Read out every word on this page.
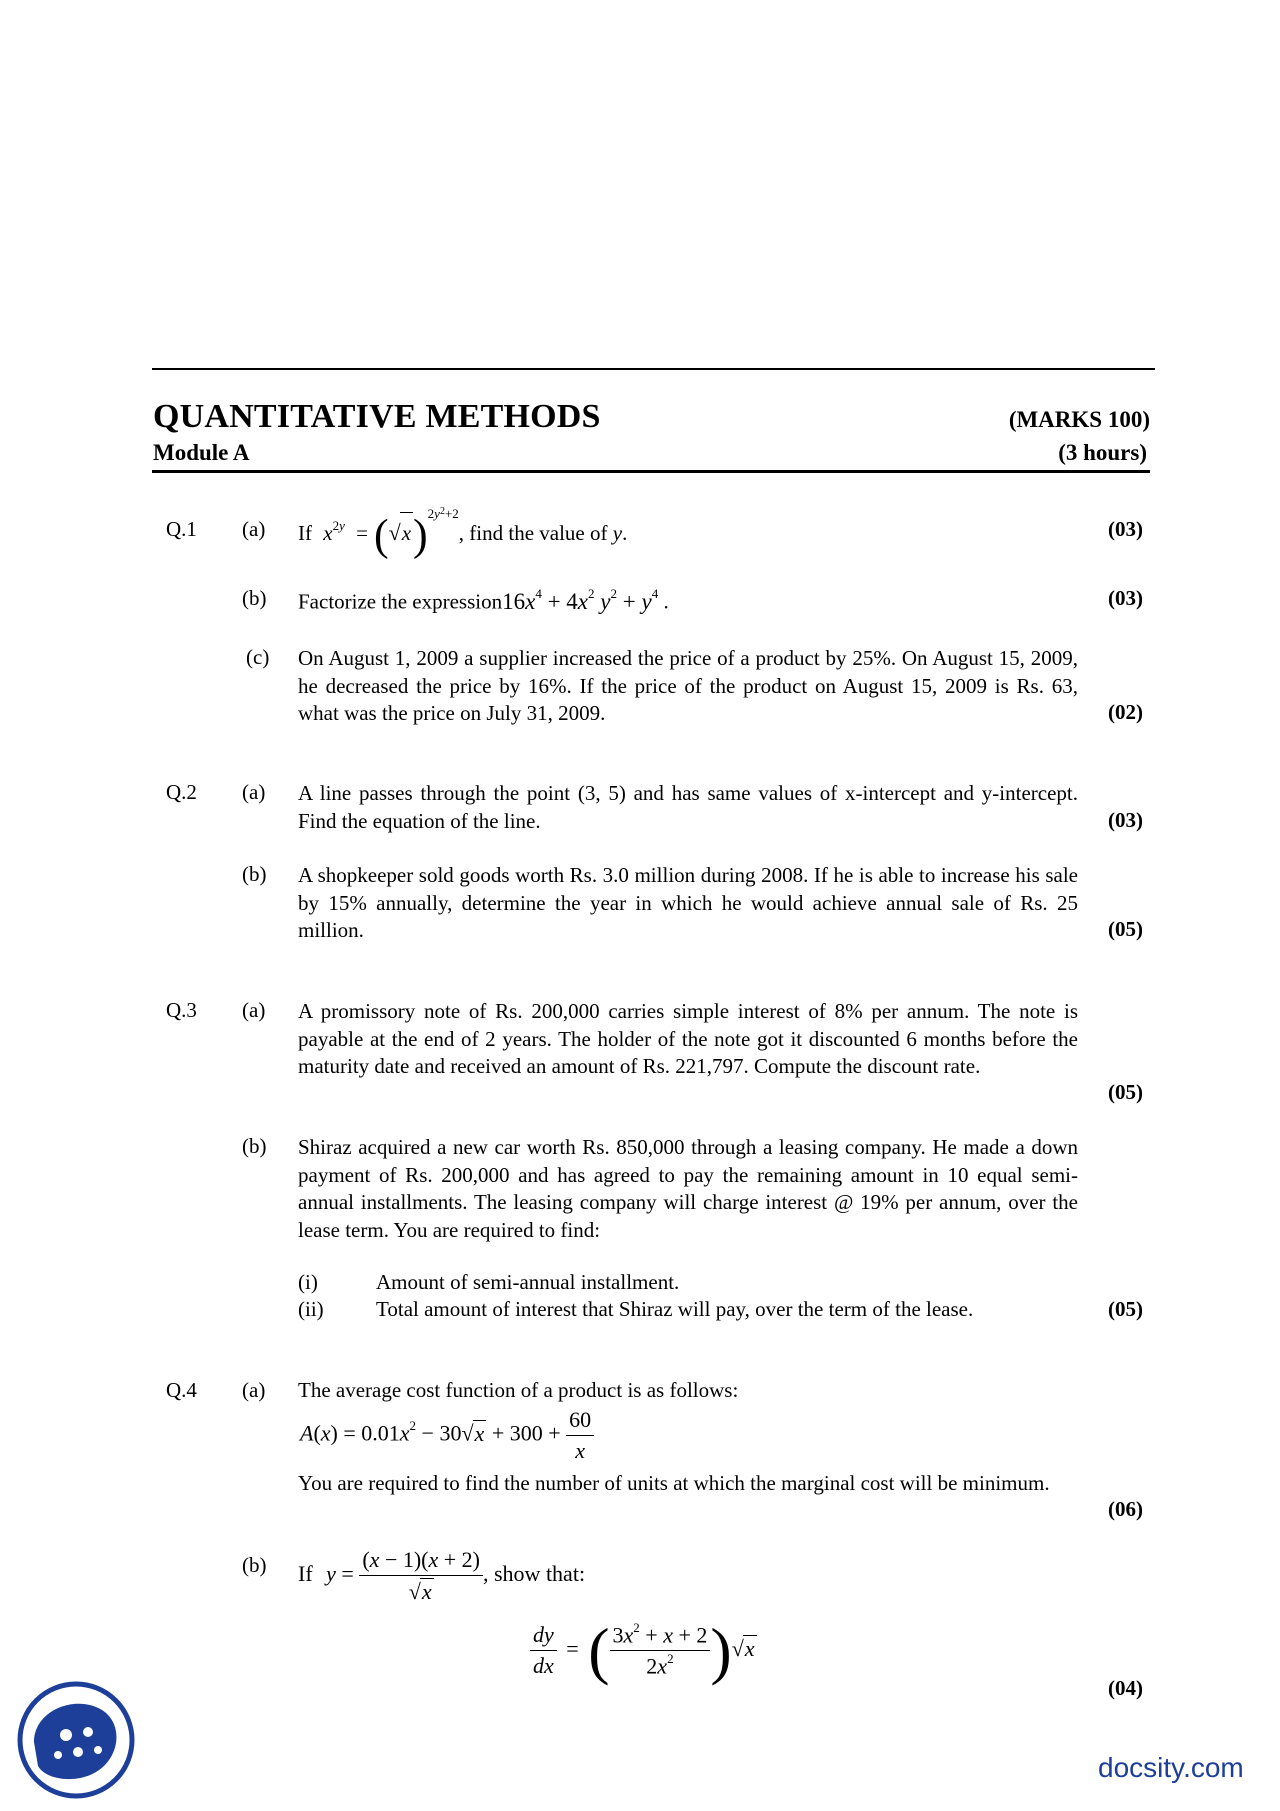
QUANTITATIVE METHODS	(MARKS 100)
Module A	(3 hours)
Q.1 (a) If $x^{2y} = (√x)^{2y^2+2}$, find the value of y.	(03)
(b) Factorize the $expression16x^4 + 4x^2$ $y^2 + y^4$ .	(03)
(c) On August 1, 2009 a supplier increased the price of a product by 25%. On August 15, 2009, he decreased the price by 16%. If the price of the product on August 15, 2009 is Rs. 63, what was the price on July 31, 2009.	(02)
Q.2 (a) A line passes through the point (3, 5) and has same values of x-intercept and y-intercept. Find the equation of the line.	(03)
(b) A shopkeeper sold goods worth Rs. 3.0 million during 2008. If he is able to increase his sale by 15% annually, determine the year in which he would achieve annual sale of Rs. 25 million.	(05)
Q.3 (a) A promissory note of Rs. 200,000 carries simple interest of 8% per annum. The note is payable at the end of 2 years. The holder of the note got it discounted 6 months before the maturity date and received an amount of Rs. 221,797. Compute the discount rate.
(05)
(b) Shiraz acquired a new car worth Rs. 850,000 through a leasing company. He made a down payment of Rs. 200,000 and has agreed to pay the remaining amount in 10 equal semi-annual installments. The leasing company will charge interest @ 19% per annum, over the lease term. You are required to find:
(i)	Amount of semi-annual installment.
(ii) Total amount of interest that Shiraz will pay, over the term of the lease.	(05)
Q.4 (a) The average cost function of a product is as follows:
$A(x) = 0.01x^2 - 30√x + 300 + \frac{60}{x}$
You are required to find the number of units at which the marginal cost will be minimum.
(06)
(b) If $y = \frac{(x - 1)(x + 2)}{√x}$ , show that:
$\frac{dy}{dx}$ = ( $\frac{3x^2 + x + 2}{2x^2} )√x$
(04)
docsity.com
